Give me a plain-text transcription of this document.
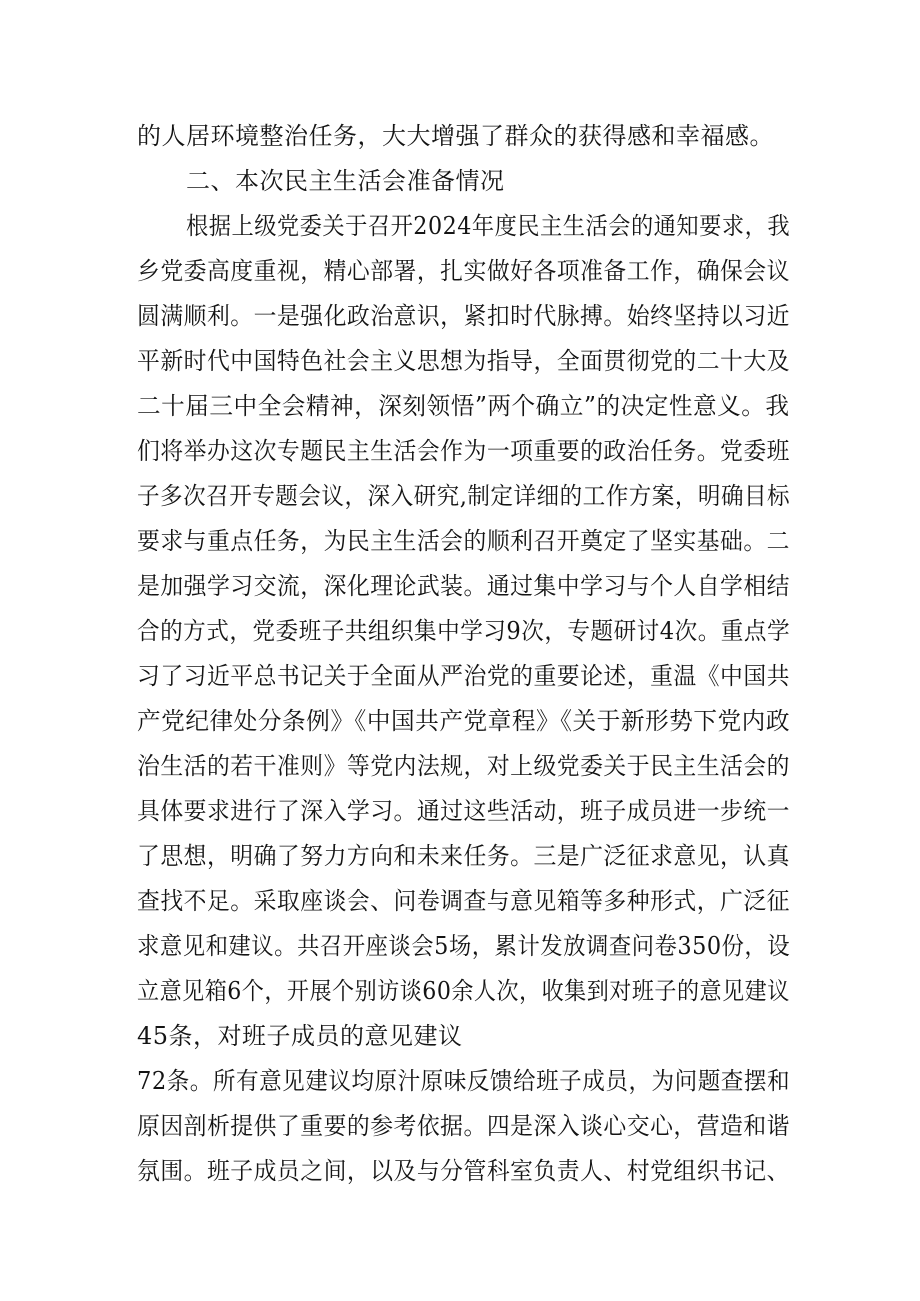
的人居环境整治任务，大大增强了群众的获得感和幸福感。
二、本次民主生活会准备情况
根据上级党委关于召开2024年度民主生活会的通知要求，我
乡党委高度重视，精心部署，扎实做好各项准备工作，确保会议
圆满顺利。一是强化政治意识，紧扣时代脉搏。始终坚持以习近
平新时代中国特色社会主义思想为指导，全面贯彻党的二十大及
二十届三中全会精神，深刻领悟”两个确立”的决定性意义。我
们将举办这次专题民主生活会作为一项重要的政治任务。党委班
子多次召开专题会议，深入研究,制定详细的工作方案，明确目标
要求与重点任务，为民主生活会的顺利召开奠定了坚实基础。二
是加强学习交流，深化理论武装。通过集中学习与个人自学相结
合的方式，党委班子共组织集中学习9次，专题研讨4次。重点学
习了习近平总书记关于全面从严治党的重要论述，重温《中国共
产党纪律处分条例》《中国共产党章程》《关于新形势下党内政
治生活的若干准则》等党内法规，对上级党委关于民主生活会的
具体要求进行了深入学习。通过这些活动，班子成员进一步统一
了思想，明确了努力方向和未来任务。三是广泛征求意见，认真
查找不足。采取座谈会、问卷调查与意见箱等多种形式，广泛征
求意见和建议。共召开座谈会5场，累计发放调查问卷350份，设
立意见箱6个，开展个别访谈60余人次，收集到对班子的意见建议
45条，对班子成员的意见建议
72条。所有意见建议均原汁原味反馈给班子成员，为问题查摆和
原因剖析提供了重要的参考依据。四是深入谈心交心，营造和谐
氛围。班子成员之间，以及与分管科室负责人、村党组织书记、
